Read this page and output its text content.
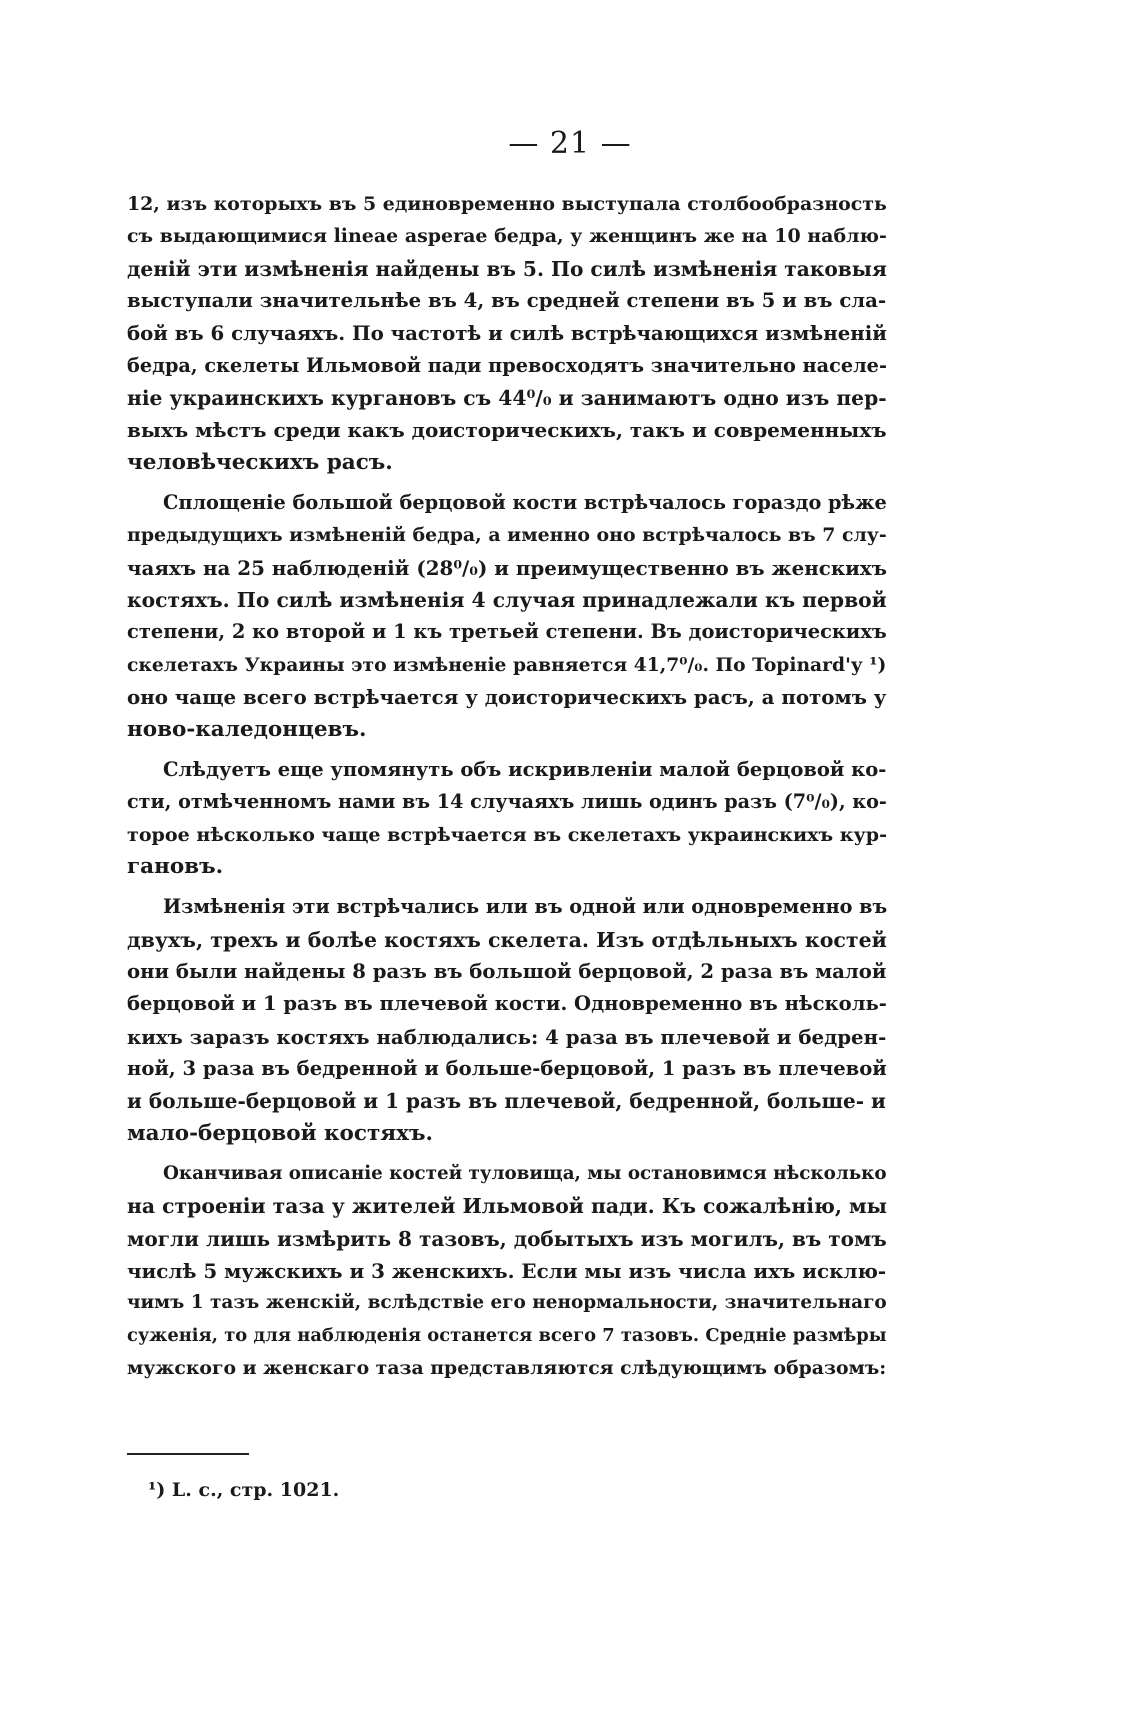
— 21 —

12, изъ которыхъ въ 5 единовременно выступала столбообразность
съ выдающимися lineae asperae бедра, у женщинъ же на 10 наблю-
деній эти измѣненія найдены въ 5. По силѣ измѣненія таковыя
выступали значительнѣе въ 4, въ средней степени въ 5 и въ сла-
бой въ 6 случаяхъ. По частотѣ и силѣ встрѣчающихся измѣненій
бедра, скелеты Ильмовой пади превосходятъ значительно населе-
ніе украинскихъ кургановъ съ 44⁰/₀ и занимаютъ одно изъ пер-
выхъ мѣстъ среди какъ доисторическихъ, такъ и современныхъ
человѣческихъ расъ.

Сплощеніе большой берцовой кости встрѣчалось гораздо рѣже
предыдущихъ измѣненій бедра, а именно оно встрѣчалось въ 7 слу-
чаяхъ на 25 наблюденій (28⁰/₀) и преимущественно въ женскихъ
костяхъ. По силѣ измѣненія 4 случая принадлежали къ первой
степени, 2 ко второй и 1 къ третьей степени. Въ доисторическихъ
скелетахъ Украины это измѣненіе равняется 41,7⁰/₀. По Topinard'у ¹)
оно чаще всего встрѣчается у доисторическихъ расъ, а потомъ у
ново-каледонцевъ.

Слѣдуетъ еще упомянуть объ искривленіи малой берцовой ко-
сти, отмѣченномъ нами въ 14 случаяхъ лишь одинъ разъ (7⁰/₀), ко-
торое нѣсколько чаще встрѣчается въ скелетахъ украинскихъ кур-
гановъ.

Измѣненія эти встрѣчались или въ одной или одновременно въ
двухъ, трехъ и болѣе костяхъ скелета. Изъ отдѣльныхъ костей
они были найдены 8 разъ въ большой берцовой, 2 раза въ малой
берцовой и 1 разъ въ плечевой кости. Одновременно въ нѣсколь-
кихъ заразъ костяхъ наблюдались: 4 раза въ плечевой и бедрен-
ной, 3 раза въ бедренной и больше-берцовой, 1 разъ въ плечевой
и больше-берцовой и 1 разъ въ плечевой, бедренной, больше- и
мало-берцовой костяхъ.

Оканчивая описаніе костей туловища, мы остановимся нѣсколько
на строеніи таза у жителей Ильмовой пади. Къ сожалѣнію, мы
могли лишь измѣрить 8 тазовъ, добытыхъ изъ могилъ, въ томъ
числѣ 5 мужскихъ и 3 женскихъ. Если мы изъ числа ихъ исклю-
чимъ 1 тазъ женскій, вслѣдствіе его ненормальности, значительнаго
суженія, то для наблюденія останется всего 7 тазовъ. Средніе размѣры
мужского и женскаго таза представляются слѣдующимъ образомъ:

¹) L. c., стр. 1021.
